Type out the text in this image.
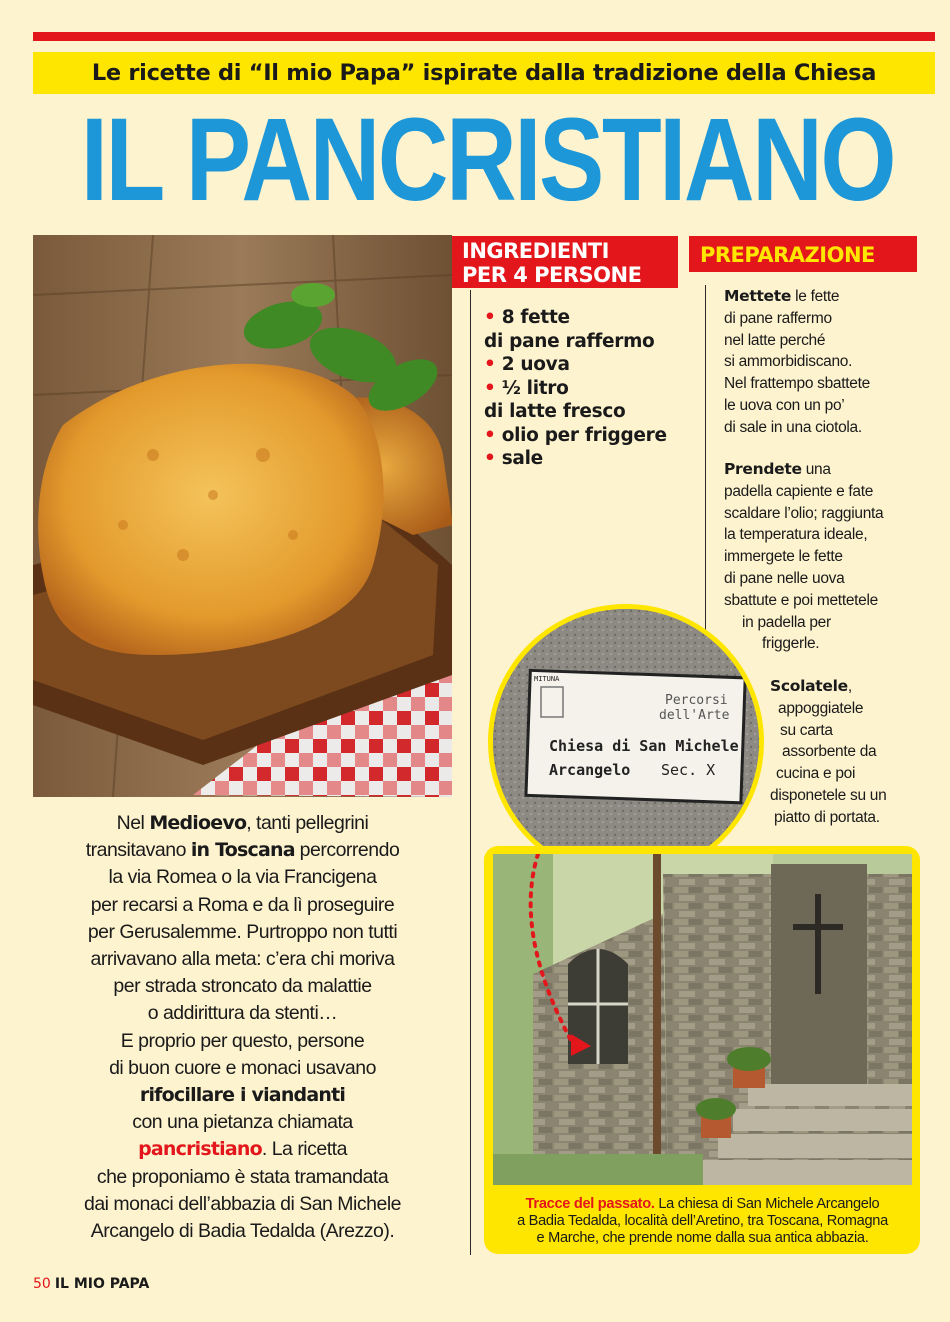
Le ricette di “Il mio Papa” ispirate dalla tradizione della Chiesa
IL PANCRISTIANO
INGREDIENTI
PER 4 PERSONE
• 8 fette
di pane raffermo
• 2 uova
• ½ litro
di latte fresco
• olio per friggere
• sale
PREPARAZIONE
Mettete le fette
di pane raffermo
nel latte perché
si ammorbidiscano.
Nel frattempo sbattete
le uova con un po’
di sale in una ciotola.
Prendete una
padella capiente e fate
scaldare l’olio; raggiunta
la temperatura ideale,
immergete le fette
di pane nelle uova
sbattute e poi mettetele
in padella per
friggerle.
Scolatele,
appoggiatele
su carta
assorbente da
cucina e poi
disponetele su un
piatto di portata.
MITUNA
Percorsi
dell'Arte
Chiesa di San Michele
Arcangelo Sec. X
Tracce del passato. La chiesa di San Michele Arcangelo
a Badia Tedalda, località dell’Aretino, tra Toscana, Romagna
e Marche, che prende nome dalla sua antica abbazia.
Nel Medioevo, tanti pellegrini
transitavano in Toscana percorrendo
la via Romea o la via Francigena
per recarsi a Roma e da lì proseguire
per Gerusalemme. Purtroppo non tutti
arrivavano alla meta: c’era chi moriva
per strada stroncato da malattie
o addirittura da stenti…
E proprio per questo, persone
di buon cuore e monaci usavano
rifocillare i viandanti
con una pietanza chiamata
pancristiano. La ricetta
che proponiamo è stata tramandata
dai monaci dell’abbazia di San Michele
Arcangelo di Badia Tedalda (Arezzo).
50 IL MIO PAPA
